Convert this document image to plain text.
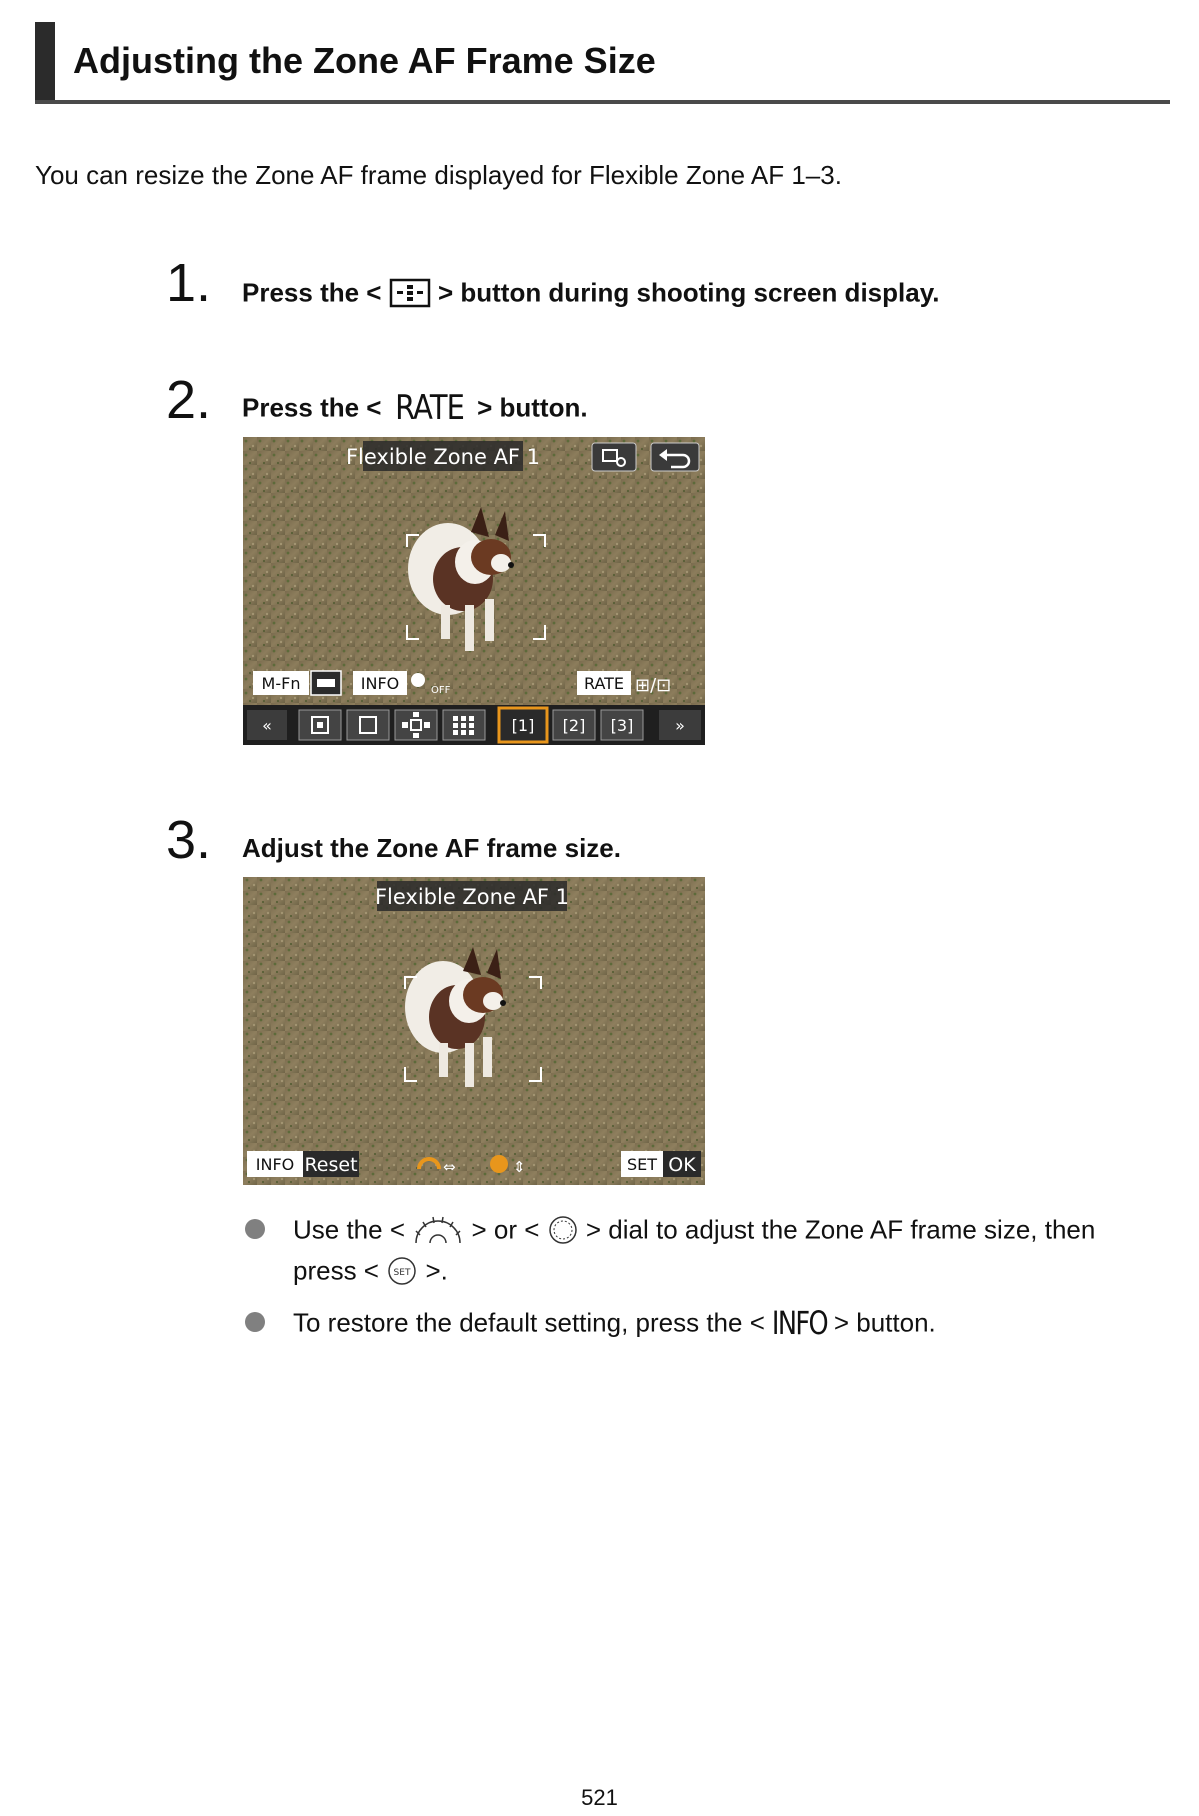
Adjusting the Zone AF Frame Size
You can resize the Zone AF frame displayed for Flexible Zone AF 1–3.
1. Press the < > button during shooting screen display.
2. Press the < RATE > button.
Flexible Zone AF 1
M-Fn	INFO	OFF	RATE ⊞/⊡
«	[1] [2] [3]	»
3. Adjust the Zone AF frame size.
Flexible Zone AF 1
INFO Reset	⇔	⇕	SET OK
Use the <	> or < > dial to adjust the Zone AF frame size, then
press < SET >.
To restore the default setting, press the < INFO > button.
521
